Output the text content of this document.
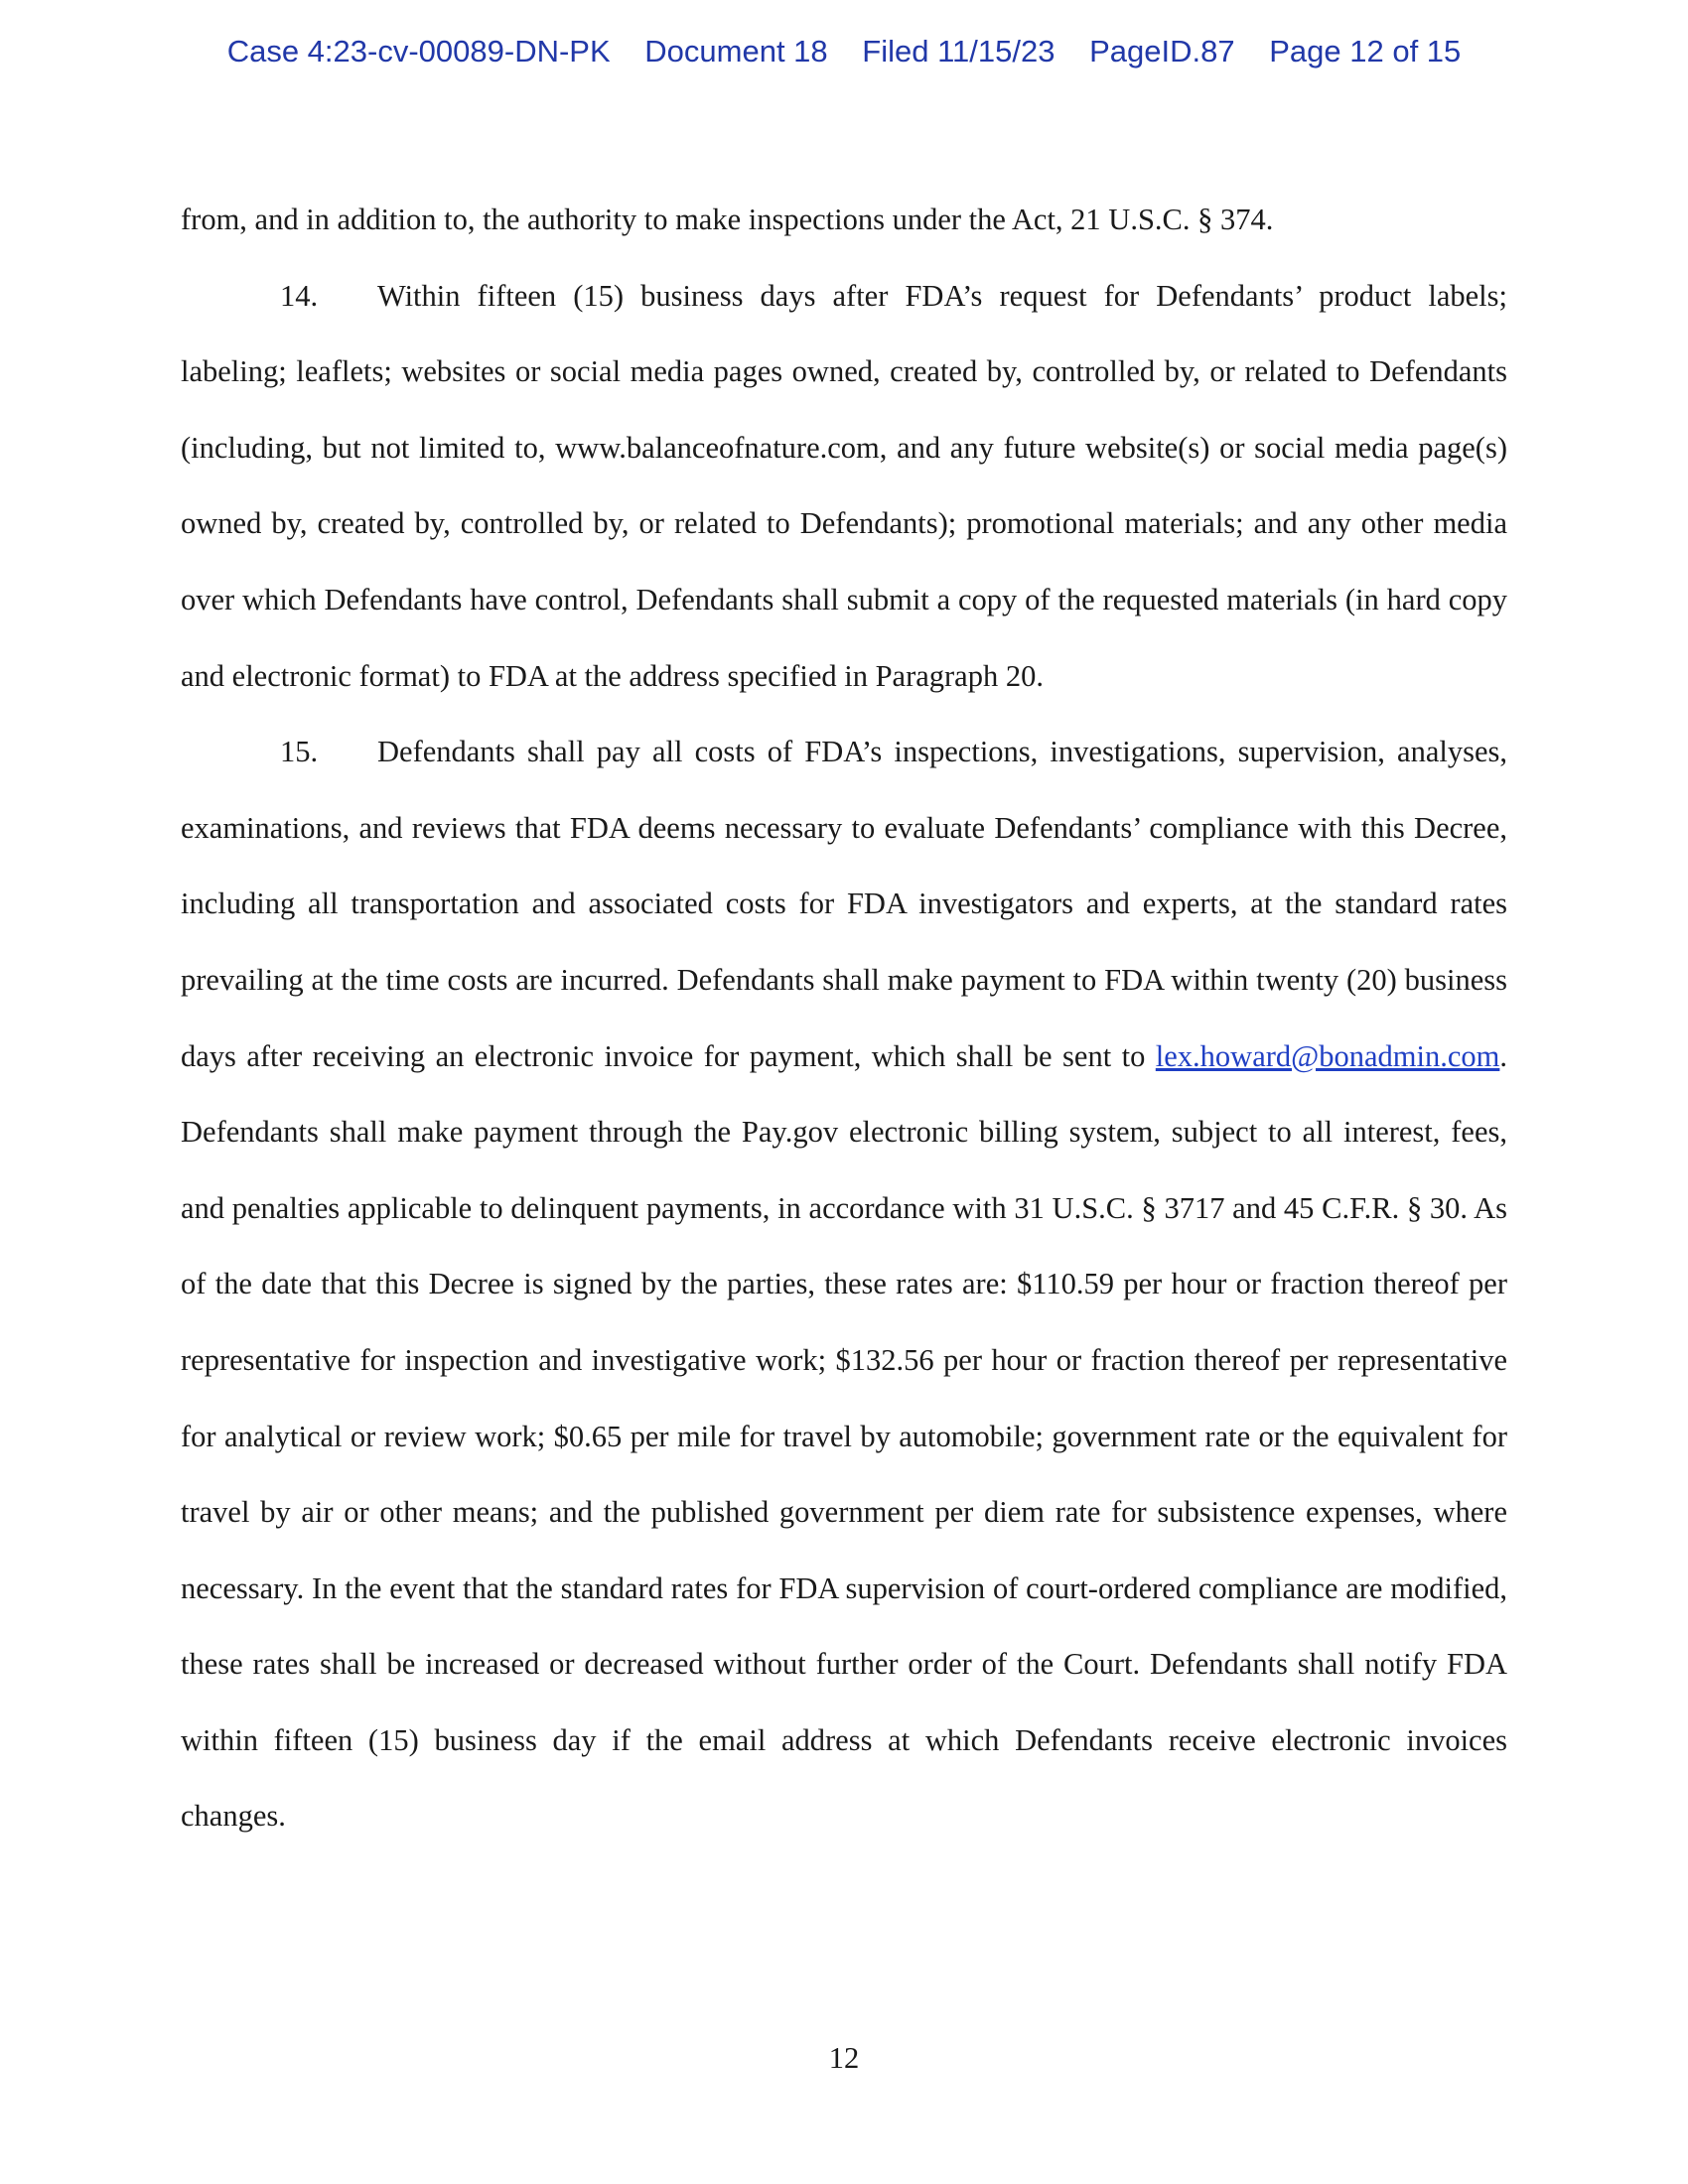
Case 4:23-cv-00089-DN-PK Document 18 Filed 11/15/23 PageID.87 Page 12 of 15

from, and in addition to, the authority to make inspections under the Act, 21 U.S.C. § 374.

14. Within fifteen (15) business days after FDA’s request for Defendants’ product labels; labeling; leaflets; websites or social media pages owned, created by, controlled by, or related to Defendants (including, but not limited to, www.balanceofnature.com, and any future website(s) or social media page(s) owned by, created by, controlled by, or related to Defendants); promotional materials; and any other media over which Defendants have control, Defendants shall submit a copy of the requested materials (in hard copy and electronic format) to FDA at the address specified in Paragraph 20.

15. Defendants shall pay all costs of FDA’s inspections, investigations, supervision, analyses, examinations, and reviews that FDA deems necessary to evaluate Defendants’ compliance with this Decree, including all transportation and associated costs for FDA investigators and experts, at the standard rates prevailing at the time costs are incurred. Defendants shall make payment to FDA within twenty (20) business days after receiving an electronic invoice for payment, which shall be sent to lex.howard@bonadmin.com. Defendants shall make payment through the Pay.gov electronic billing system, subject to all interest, fees, and penalties applicable to delinquent payments, in accordance with 31 U.S.C. § 3717 and 45 C.F.R. § 30. As of the date that this Decree is signed by the parties, these rates are: $110.59 per hour or fraction thereof per representative for inspection and investigative work; $132.56 per hour or fraction thereof per representative for analytical or review work; $0.65 per mile for travel by automobile; government rate or the equivalent for travel by air or other means; and the published government per diem rate for subsistence expenses, where necessary. In the event that the standard rates for FDA supervision of court-ordered compliance are modified, these rates shall be increased or decreased without further order of the Court. Defendants shall notify FDA within fifteen (15) business day if the email address at which Defendants receive electronic invoices changes.

12
